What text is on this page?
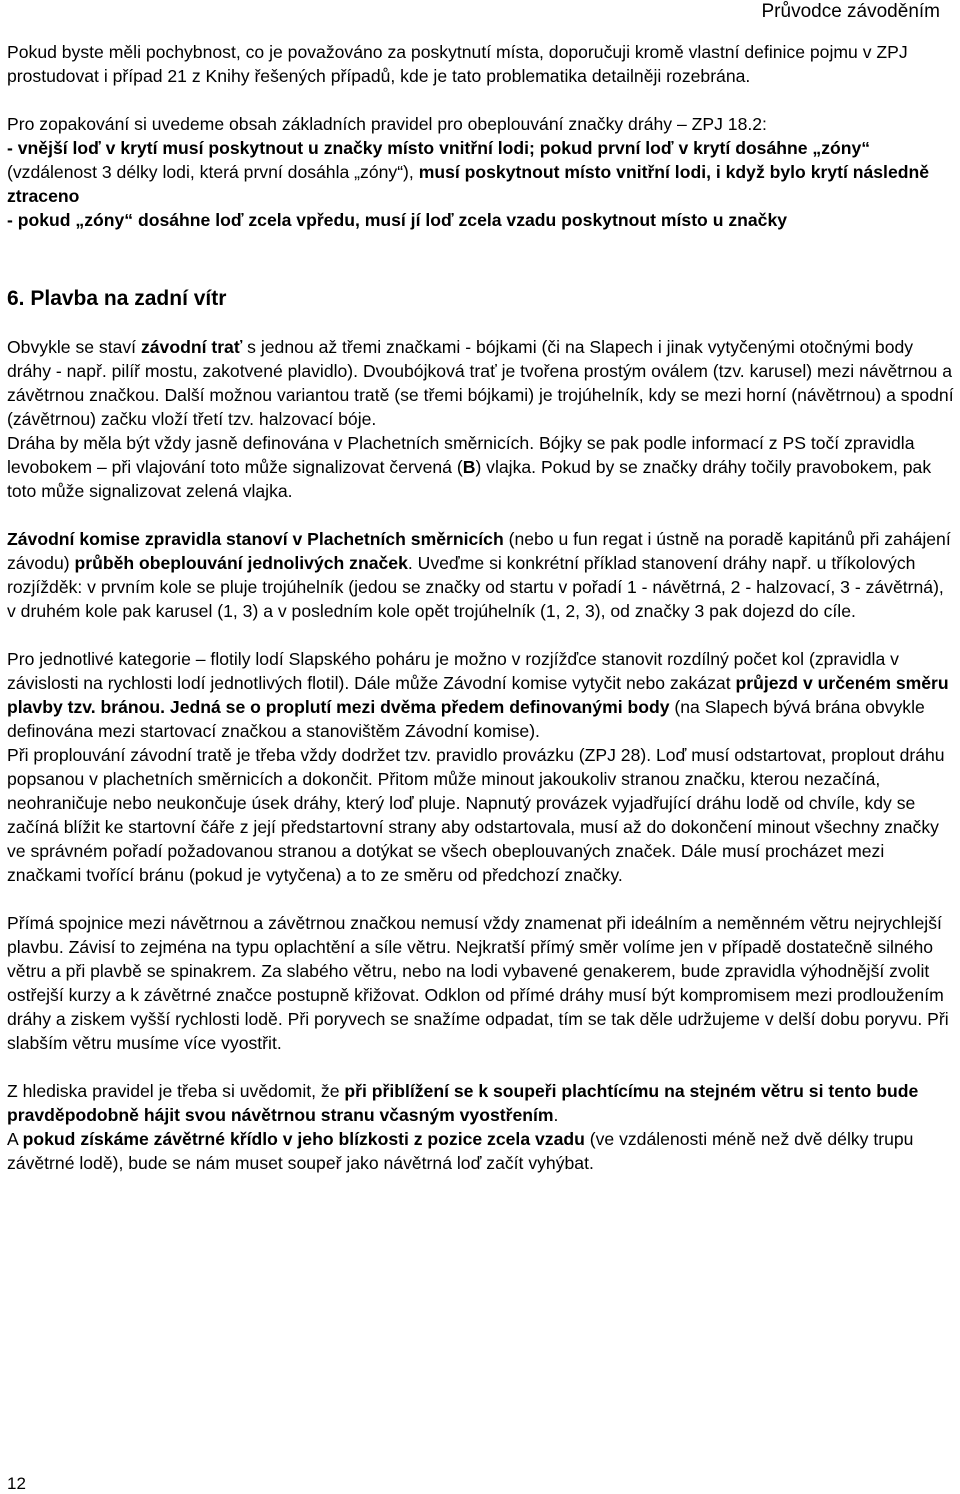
Průvodce závoděním

Pokud byste měli pochybnost, co je považováno za poskytnutí místa, doporučuji kromě vlastní definice pojmu v ZPJ prostudovat i případ 21 z Knihy řešených případů, kde je tato problematika detailněji rozebrána.

Pro zopakování si uvedeme obsah základních pravidel pro obeplouvání značky dráhy – ZPJ 18.2:

- vnější loď v krytí musí poskytnout u značky místo vnitřní lodi; pokud první loď v krytí dosáhne „zóny“ (vzdálenost 3 délky lodi, která první dosáhla „zóny“), musí poskytnout místo vnitřní lodi, i když bylo krytí následně ztraceno

- pokud „zóny“ dosáhne loď zcela vpředu, musí jí loď zcela vzadu poskytnout místo u značky

6. Plavba na zadní vítr

Obvykle se staví závodní trať s jednou až třemi značkami - bójkami (či na Slapech i jinak vytyčenými otočnými body dráhy - např. pilíř mostu, zakotvené plavidlo). Dvoubójková trať je tvořena prostým oválem (tzv. karusel) mezi návětrnou a závětrnou značkou. Další možnou variantou tratě (se třemi bójkami) je trojúhelník, kdy se mezi horní (návětrnou) a spodní (závětrnou) začku vloží třetí tzv. halzovací bóje.

Dráha by měla být vždy jasně definována v Plachetních směrnicích. Bójky se pak podle informací z PS točí zpravidla levobokem – při vlajování toto může signalizovat červená (B) vlajka. Pokud by se značky dráhy točily pravobokem, pak toto může signalizovat zelená vlajka.

Závodní komise zpravidla stanoví v Plachetních směrnicích (nebo u fun regat i ústně na poradě kapitánů při zahájení závodu) průběh obeplouvání jednolivých značek. Uveďme si konkrétní příklad stanovení dráhy např. u tříkolových rozjížděk: v prvním kole se pluje trojúhelník (jedou se značky od startu v pořadí 1 - návětrná, 2 - halzovací, 3 - závětrná), v druhém kole pak karusel (1, 3) a v posledním kole opět trojúhelník (1, 2, 3), od značky 3 pak dojezd do cíle.

Pro jednotlivé kategorie – flotily lodí Slapského poháru je možno v rozjížďce stanovit rozdílný počet kol (zpravidla v závislosti na rychlosti lodí jednotlivých flotil). Dále může Závodní komise vytyčit nebo zakázat průjezd v určeném směru plavby tzv. bránou. Jedná se o proplutí mezi dvěma předem definovanými body (na Slapech bývá brána obvykle definována mezi startovací značkou a stanovištěm Závodní komise).

Při proplouvání závodní tratě je třeba vždy dodržet tzv. pravidlo provázku (ZPJ 28). Loď musí odstartovat, proplout dráhu popsanou v plachetních směrnicích a dokončit. Přitom může minout jakoukoliv stranou značku, kterou nezačíná, neohraničuje nebo neukončuje úsek dráhy, který loď pluje. Napnutý provázek vyjadřující dráhu lodě od chvíle, kdy se začíná blížit ke startovní čáře z její předstartovní strany aby odstartovala, musí až do dokončení minout všechny značky ve správném pořadí požadovanou stranou a dotýkat se všech obeplouvaných značek. Dále musí procházet mezi značkami tvořící bránu (pokud je vytyčena) a to ze směru od předchozí značky.

Přímá spojnice mezi návětrnou a závětrnou značkou nemusí vždy znamenat při ideálním a neměnném větru nejrychlejší plavbu. Závisí to zejména na typu oplachtění a síle větru. Nejkratší přímý směr volíme jen v případě dostatečně silného větru a při plavbě se spinakrem. Za slabého větru, nebo na lodi vybavené genakerem, bude zpravidla výhodnější zvolit ostřejší kurzy a k závětrné značce postupně křižovat. Odklon od přímé dráhy musí být kompromisem mezi prodloužením dráhy a ziskem vyšší rychlosti lodě. Při poryvech se snažíme odpadat, tím se tak děle udržujeme v delší dobu poryvu. Při slabším větru musíme více vyostřit.

Z hlediska pravidel je třeba si uvědomit, že při přiblížení se k soupeři plachtícímu na stejném větru si tento bude pravděpodobně hájit svou návětrnou stranu včasným vyostřením.

A pokud získáme závětrné křídlo v jeho blízkosti z pozice zcela vzadu (ve vzdálenosti méně než dvě délky trupu závětrné lodě), bude se nám muset soupeř jako návětrná loď začít vyhýbat.

12
